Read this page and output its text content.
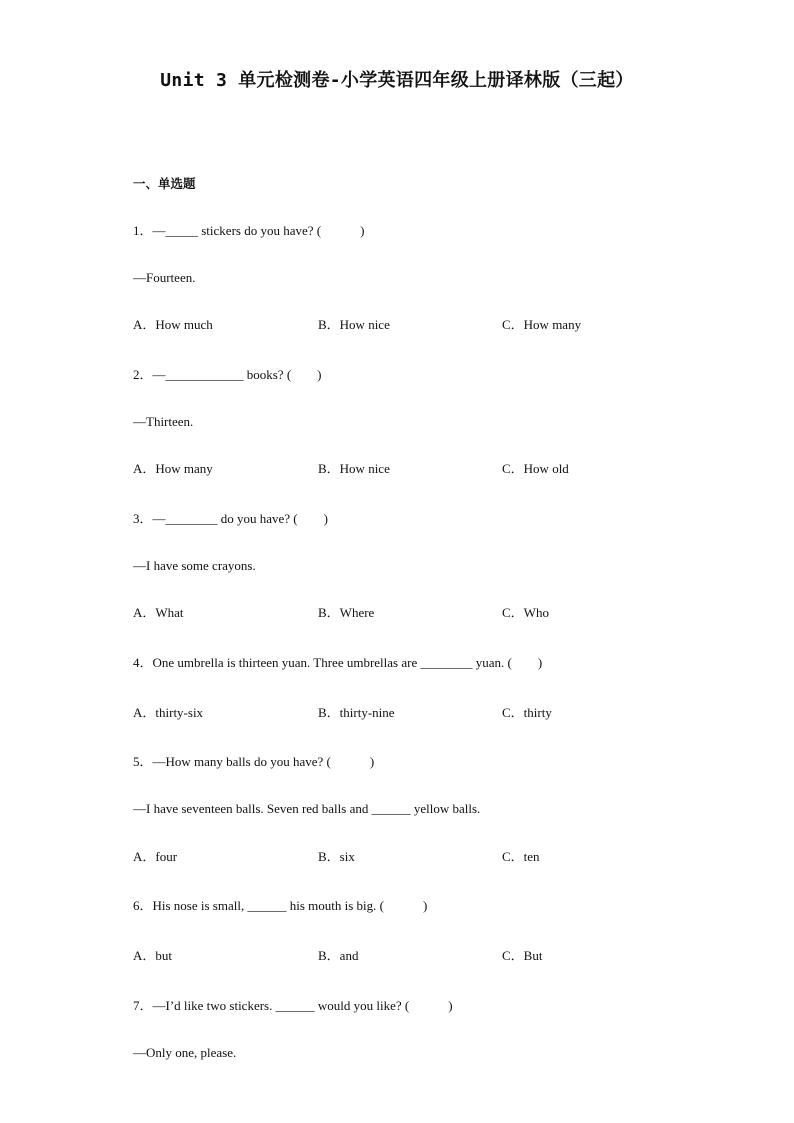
Unit 3 单元检测卷-小学英语四年级上册译林版（三起）
一、单选题
1．—_____ stickers do you have? (　　　)
—Fourteen.
A．How much	B．How nice	C．How many
2．—____________ books? (　　)
—Thirteen.
A．How many	B．How nice	C．How old
3．—________ do you have? (　　)
—I have some crayons.
A．What	B．Where	C．Who
4．One umbrella is thirteen yuan. Three umbrellas are ________ yuan. (　　)
A．thirty-six	B．thirty-nine	C．thirty
5．—How many balls do you have? (　　　)
—I have seventeen balls. Seven red balls and ______ yellow balls.
A．four	B．six	C．ten
6．His nose is small, ______ his mouth is big. (　　　)
A．but	B．and	C．But
7．—I’d like two stickers. ______ would you like? (　　　)
—Only one, please.
